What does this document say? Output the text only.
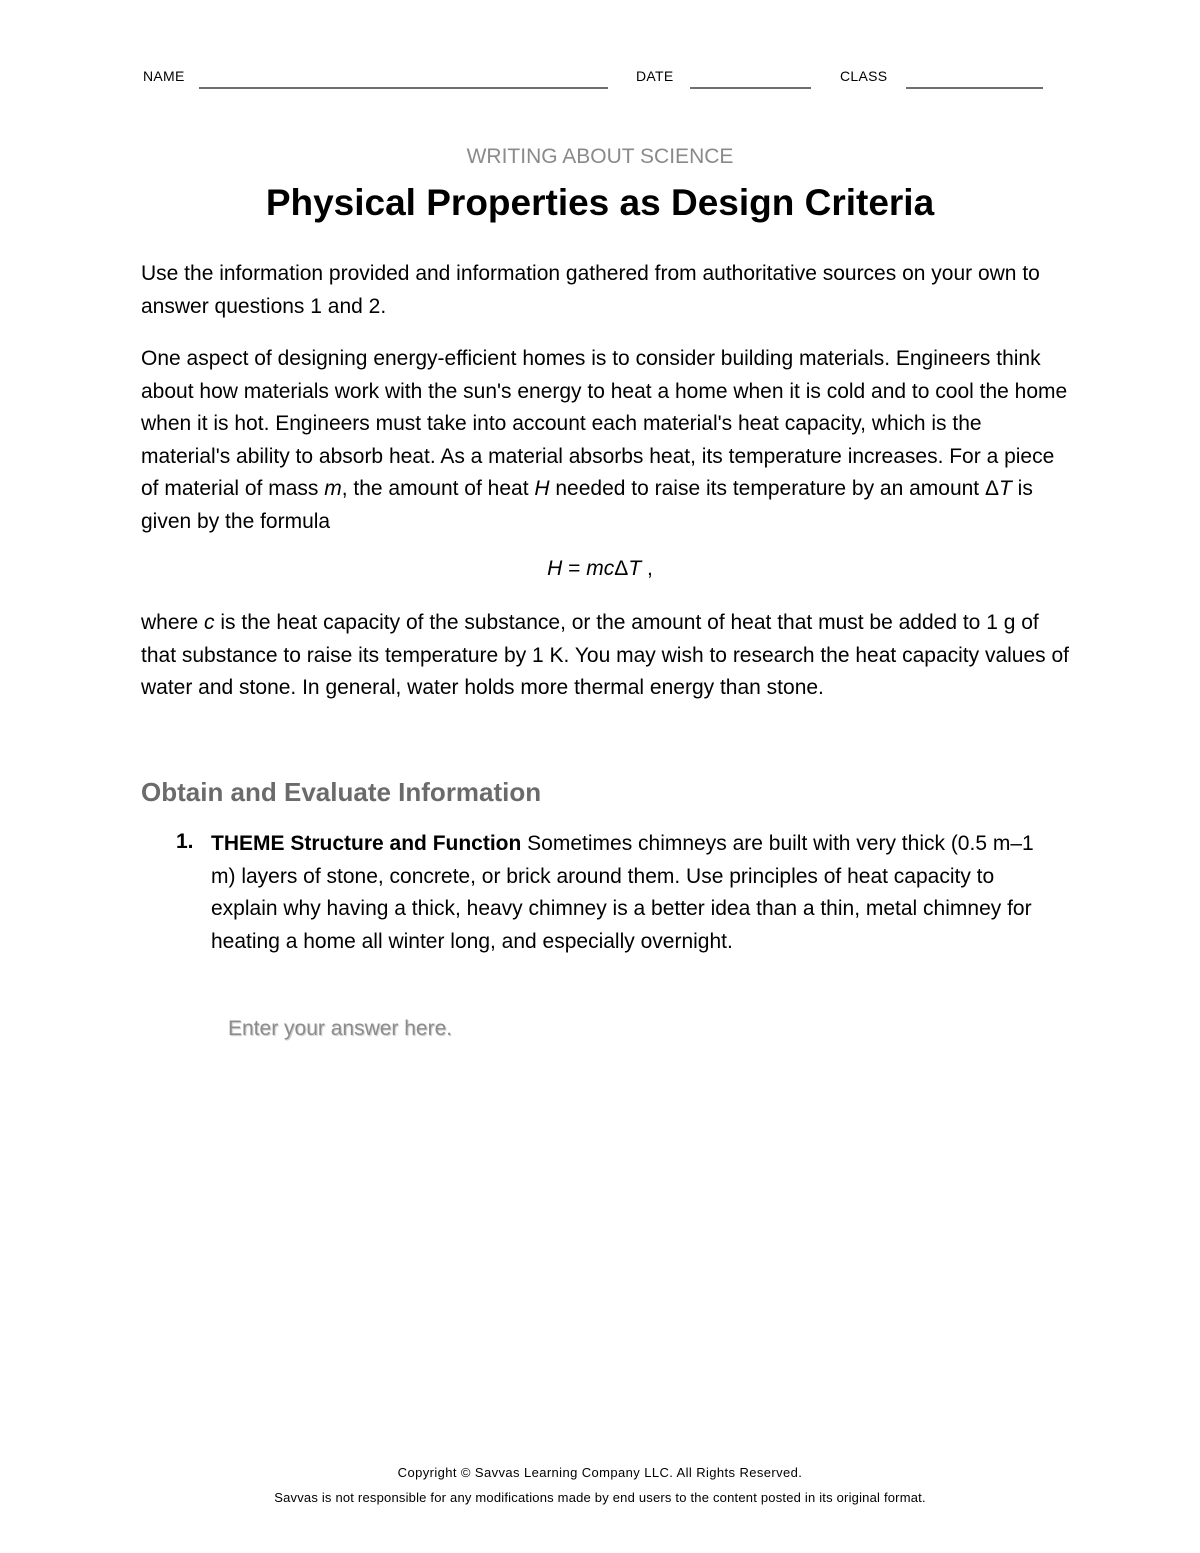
NAME	DATE	CLASS
WRITING ABOUT SCIENCE
Physical Properties as Design Criteria

Use the information provided and information gathered from authoritative sources on your own to answer questions 1 and 2.

One aspect of designing energy-efficient homes is to consider building materials. Engineers think about how materials work with the sun's energy to heat a home when it is cold and to cool the home when it is hot. Engineers must take into account each material's heat capacity, which is the material's ability to absorb heat. As a material absorbs heat, its temperature increases. For a piece of material of mass m, the amount of heat H needed to raise its temperature by an amount ΔT is given by the formula

H = mcΔT ,

where c is the heat capacity of the substance, or the amount of heat that must be added to 1 g of that substance to raise its temperature by 1 K. You may wish to research the heat capacity values of water and stone. In general, water holds more thermal energy than stone.

Obtain and Evaluate Information
1. THEME Structure and Function Sometimes chimneys are built with very thick (0.5 m–1 m) layers of stone, concrete, or brick around them. Use principles of heat capacity to explain why having a thick, heavy chimney is a better idea than a thin, metal chimney for heating a home all winter long, and especially overnight.

Enter your answer here.
Copyright © Savvas Learning Company LLC. All Rights Reserved.
Savvas is not responsible for any modifications made by end users to the content posted in its original format.
